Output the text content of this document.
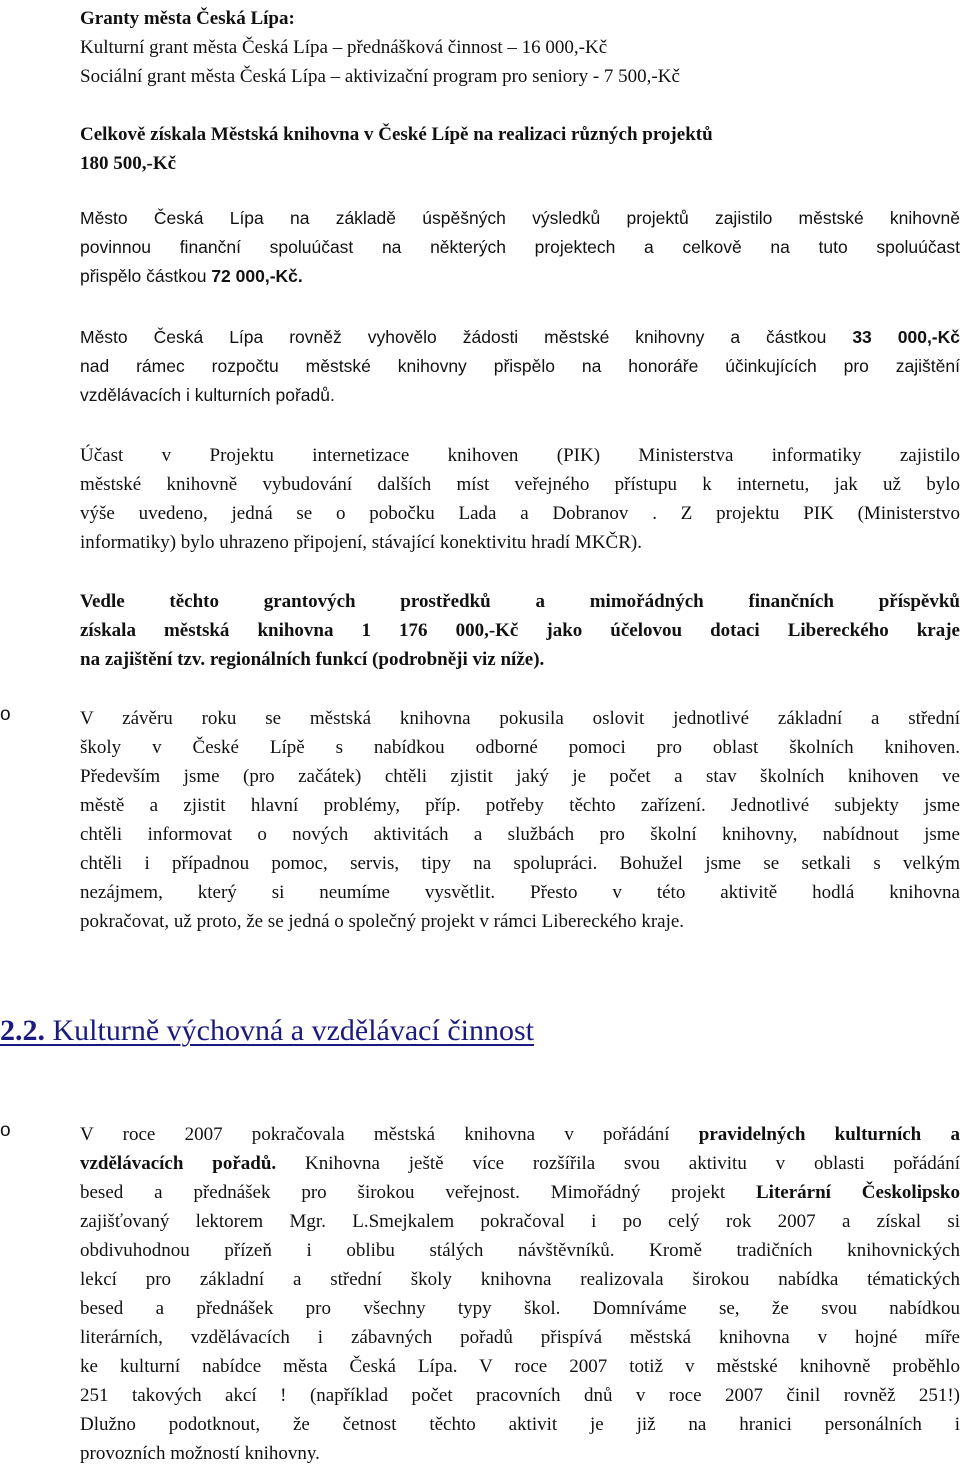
Granty města Česká Lípa:
Kulturní grant města Česká Lípa – přednášková činnost – 16 000,-Kč
Sociální grant města Česká Lípa – aktivizační program pro seniory - 7 500,-Kč
Celkově získala Městská knihovna v České Lípě na realizaci různých projektů
180 500,-Kč
Město Česká Lípa na základě úspěšných výsledků projektů zajistilo městské knihovně
povinnou finanční spoluúčast na některých projektech a celkově na tuto spoluúčast
přispělo částkou 72 000,-Kč.
Město Česká Lípa rovněž vyhovělo žádosti městské knihovny a částkou 33 000,-Kč
nad rámec rozpočtu městské knihovny přispělo na honoráře účinkujících pro zajištění
vzdělávacích i kulturních pořadů.
Účast v Projektu internetizace knihoven (PIK) Ministerstva informatiky zajistilo
městské knihovně vybudování dalších míst veřejného přístupu k internetu, jak už bylo
výše uvedeno, jedná se o pobočku Lada a Dobranov . Z projektu PIK (Ministerstvo
informatiky) bylo uhrazeno připojení, stávající konektivitu hradí MKČR).
Vedle těchto grantových prostředků a mimořádných finančních příspěvků
získala městská knihovna 1 176 000,-Kč jako účelovou dotaci Libereckého kraje
na zajištění tzv. regionálních funkcí (podrobněji viz níže).
o	V závěru roku se městská knihovna pokusila oslovit jednotlivé základní a střední
školy v České Lípě s nabídkou odborné pomoci pro oblast školních knihoven.
Především jsme (pro začátek) chtěli zjistit jaký je počet a stav školních knihoven ve
městě a zjistit hlavní problémy, příp. potřeby těchto zařízení. Jednotlivé subjekty jsme
chtěli informovat o nových aktivitách a službách pro školní knihovny, nabídnout jsme
chtěli i případnou pomoc, servis, tipy na spolupráci. Bohužel jsme se setkali s velkým
nezájmem, který si neumíme vysvětlit. Přesto v této aktivitě hodlá knihovna
pokračovat, už proto, že se jedná o společný projekt v rámci Libereckého kraje.
2.2. Kulturně výchovná a vzdělávací činnost
o	V roce 2007 pokračovala městská knihovna v pořádání pravidelných kulturních a
vzdělávacích pořadů. Knihovna ještě více rozšířila svou aktivitu v oblasti pořádání
besed a přednášek pro širokou veřejnost. Mimořádný projekt Literární Českolipsko
zajišťovaný lektorem Mgr. L.Smejkalem pokračoval i po celý rok 2007 a získal si
obdivuhodnou přízeň i oblibu stálých návštěvníků. Kromě tradičních knihovnických
lekcí pro základní a střední školy knihovna realizovala širokou nabídka tématických
besed a přednášek pro všechny typy škol. Domníváme se, že svou nabídkou
literárních, vzdělávacích i zábavných pořadů přispívá městská knihovna v hojné míře
ke kulturní nabídce města Česká Lípa. V roce 2007 totiž v městské knihovně proběhlo
251 takových akcí ! (například počet pracovních dnů v roce 2007 činil rovněž 251!)
Dlužno podotknout, že četnost těchto aktivit je již na hranici personálních i
provozních možností knihovny.
